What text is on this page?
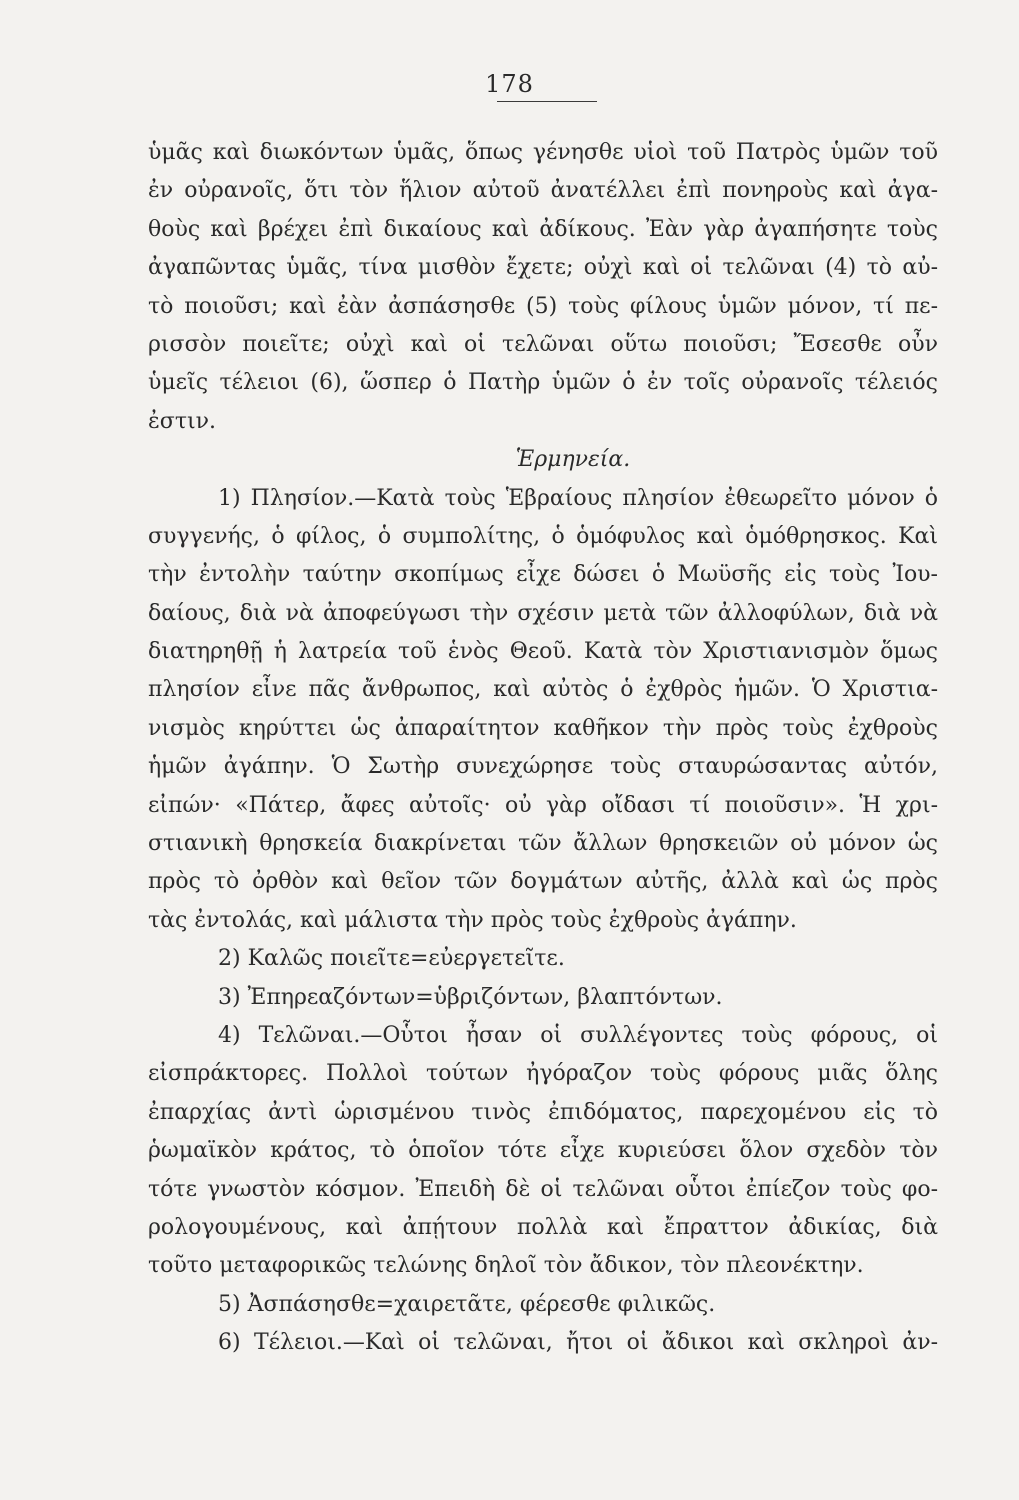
178
ὑμᾶς καὶ διωκόντων ὑμᾶς, ὅπως γένησθε υἱοὶ τοῦ Πατρὸς ὑμῶν τοῦ
ἐν οὐρανοῖς, ὅτι τὸν ἥλιον αὐτοῦ ἀνατέλλει ἐπὶ πονηροὺς καὶ ἀγα-
θοὺς καὶ βρέχει ἐπὶ δικαίους καὶ ἀδίκους. Ἐὰν γὰρ ἀγαπήσητε τοὺς
ἀγαπῶντας ὑμᾶς, τίνα μισθὸν ἔχετε; οὐχὶ καὶ οἱ τελῶναι (4) τὸ αὐ-
τὸ ποιοῦσι; καὶ ἐὰν ἀσπάσησθε (5) τοὺς φίλους ὑμῶν μόνον, τί πε-
ρισσὸν ποιεῖτε; οὐχὶ καὶ οἱ τελῶναι οὕτω ποιοῦσι; Ἔσεσθε οὖν
ὑμεῖς τέλειοι (6), ὥσπερ ὁ Πατὴρ ὑμῶν ὁ ἐν τοῖς οὐρανοῖς τέλειός
ἐστιν.
Ἑρμηνεία.
1) Πλησίον.—Κατὰ τοὺς Ἑβραίους πλησίον ἐθεωρεῖτο μόνον ὁ
συγγενής, ὁ φίλος, ὁ συμπολίτης, ὁ ὁμόφυλος καὶ ὁμόθρησκος. Καὶ
τὴν ἐντολὴν ταύτην σκοπίμως εἶχε δώσει ὁ Μωϋσῆς εἰς τοὺς Ἰου-
δαίους, διὰ νὰ ἀποφεύγωσι τὴν σχέσιν μετὰ τῶν ἀλλοφύλων, διὰ νὰ
διατηρηθῇ ἡ λατρεία τοῦ ἑνὸς Θεοῦ. Κατὰ τὸν Χριστιανισμὸν ὅμως
πλησίον εἶνε πᾶς ἄνθρωπος, καὶ αὐτὸς ὁ ἐχθρὸς ἡμῶν. Ὁ Χριστια-
νισμὸς κηρύττει ὡς ἀπαραίτητον καθῆκον τὴν πρὸς τοὺς ἐχθροὺς
ἡμῶν ἀγάπην. Ὁ Σωτὴρ συνεχώρησε τοὺς σταυρώσαντας αὐτόν,
εἰπών· «Πάτερ, ἄφες αὐτοῖς· οὐ γὰρ οἴδασι τί ποιοῦσιν». Ἡ χρι-
στιανικὴ θρησκεία διακρίνεται τῶν ἄλλων θρησκειῶν οὐ μόνον ὡς
πρὸς τὸ ὀρθὸν καὶ θεῖον τῶν δογμάτων αὐτῆς, ἀλλὰ καὶ ὡς πρὸς
τὰς ἐντολάς, καὶ μάλιστα τὴν πρὸς τοὺς ἐχθροὺς ἀγάπην.
2) Καλῶς ποιεῖτε=εὐεργετεῖτε.
3) Ἐπηρεαζόντων=ὑβριζόντων, βλαπτόντων.
4) Τελῶναι.—Οὗτοι ἦσαν οἱ συλλέγοντες τοὺς φόρους, οἱ
εἰσπράκτορες. Πολλοὶ τούτων ἠγόραζον τοὺς φόρους μιᾶς ὅλης
ἐπαρχίας ἀντὶ ὡρισμένου τινὸς ἐπιδόματος, παρεχομένου εἰς τὸ
ῥωμαϊκὸν κράτος, τὸ ὁποῖον τότε εἶχε κυριεύσει ὅλον σχεδὸν τὸν
τότε γνωστὸν κόσμον. Ἐπειδὴ δὲ οἱ τελῶναι οὗτοι ἐπίεζον τοὺς φο-
ρολογουμένους, καὶ ἀπῄτουν πολλὰ καὶ ἔπραττον ἀδικίας, διὰ
τοῦτο μεταφορικῶς τελώνης δηλοῖ τὸν ἄδικον, τὸν πλεονέκτην.
5) Ἀσπάσησθε=χαιρετᾶτε, φέρεσθε φιλικῶς.
6) Τέλειοι.—Καὶ οἱ τελῶναι, ἤτοι οἱ ἄδικοι καὶ σκληροὶ ἀν-
